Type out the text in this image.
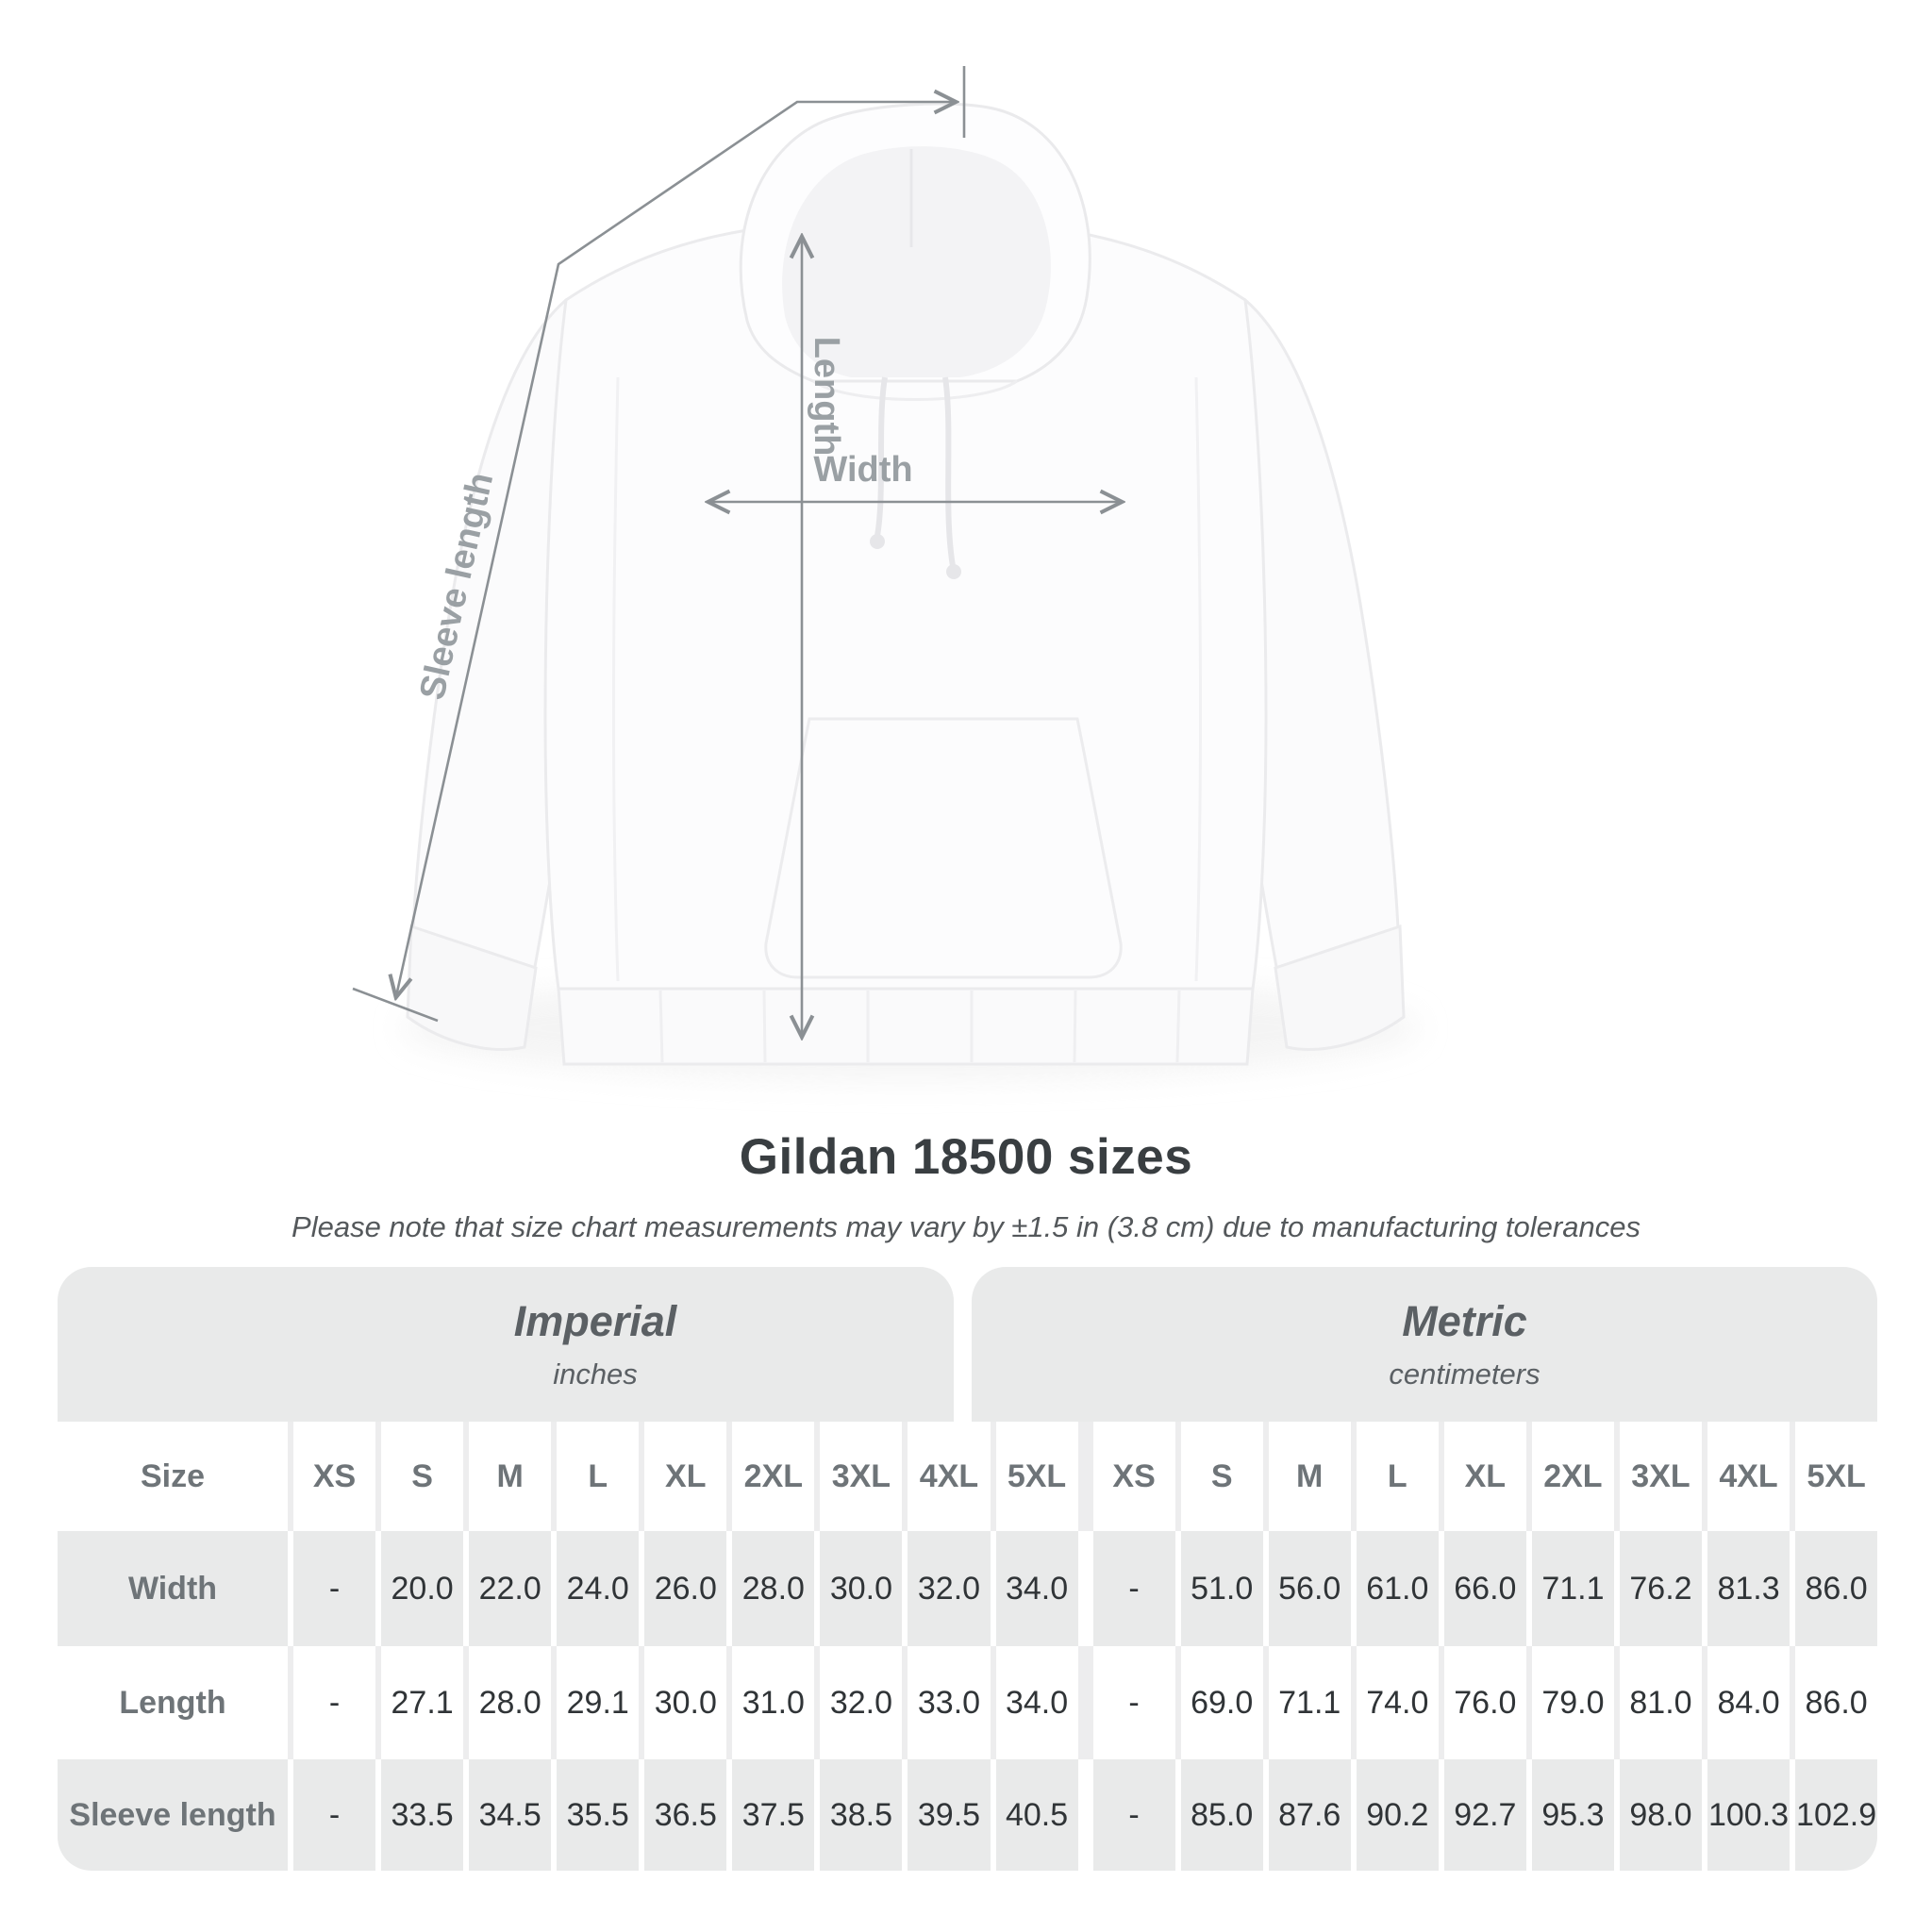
Length
Width
Sleeve length
Gildan 18500 sizes
Please note that size chart measurements may vary by ±1.5 in (3.8 cm) due to manufacturing tolerances
Imperial
inches
Metric
centimeters
Size	XS	S	M	L	XL	2XL 3XL 4XL 5XL	XS	S	M	L	XL	2XL 3XL 4XL 5XL
Width	-	20.0 22.0 24.0 26.0 28.0 30.0 32.0 34.0	-	51.0 56.0 61.0 66.0 71.1 76.2 81.3 86.0
Length	-	27.1 28.0 29.1 30.0 31.0 32.0 33.0 34.0	-	69.0 71.1 74.0 76.0 79.0 81.0 84.0 86.0
Sleeve length	-	33.5 34.5 35.5 36.5 37.5 38.5 39.5 40.5	-	85.0 87.6 90.2 92.7 95.3 98.0 100.3 102.9
